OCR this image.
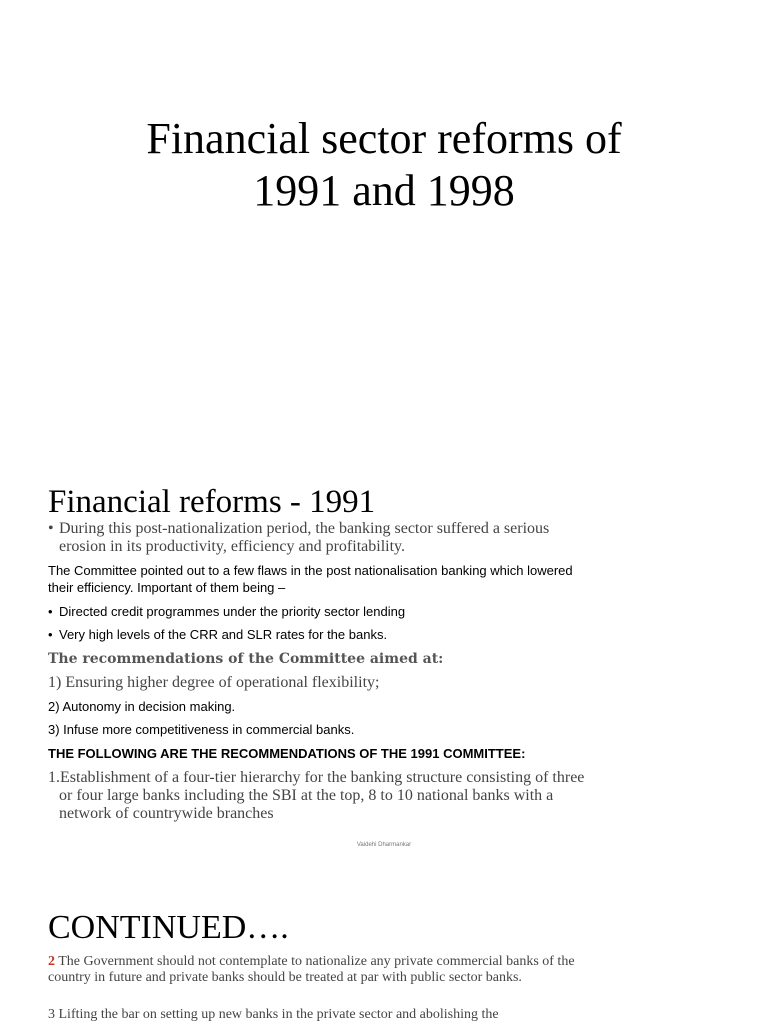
Financial sector reforms of
1991 and 1998
Financial reforms - 1991

• During this post-nationalization period, the banking sector suffered a serious erosion in its productivity, efficiency and profitability.

The Committee pointed out to a few flaws in the post nationalisation banking which lowered their efficiency. Important of them being –

• Directed credit programmes under the priority sector lending

• Very high levels of the CRR and SLR rates for the banks.

The recommendations of the Committee aimed at:

1) Ensuring higher degree of operational flexibility;

2) Autonomy in decision making.

3) Infuse more competitiveness in commercial banks.

THE FOLLOWING ARE THE RECOMMENDATIONS OF THE 1991 COMMITTEE:

1.Establishment of a four-tier hierarchy for the banking structure consisting of three or four large banks including the SBI at the top, 8 to 10 national banks with a network of countrywide branches

Vaidehi Dharmankar
CONTINUED….

2 The Government should not contemplate to nationalize any private commercial banks of the country in future and private banks should be treated at par with public sector banks.

3 Lifting the bar on setting up new banks in the private sector and abolishing the
